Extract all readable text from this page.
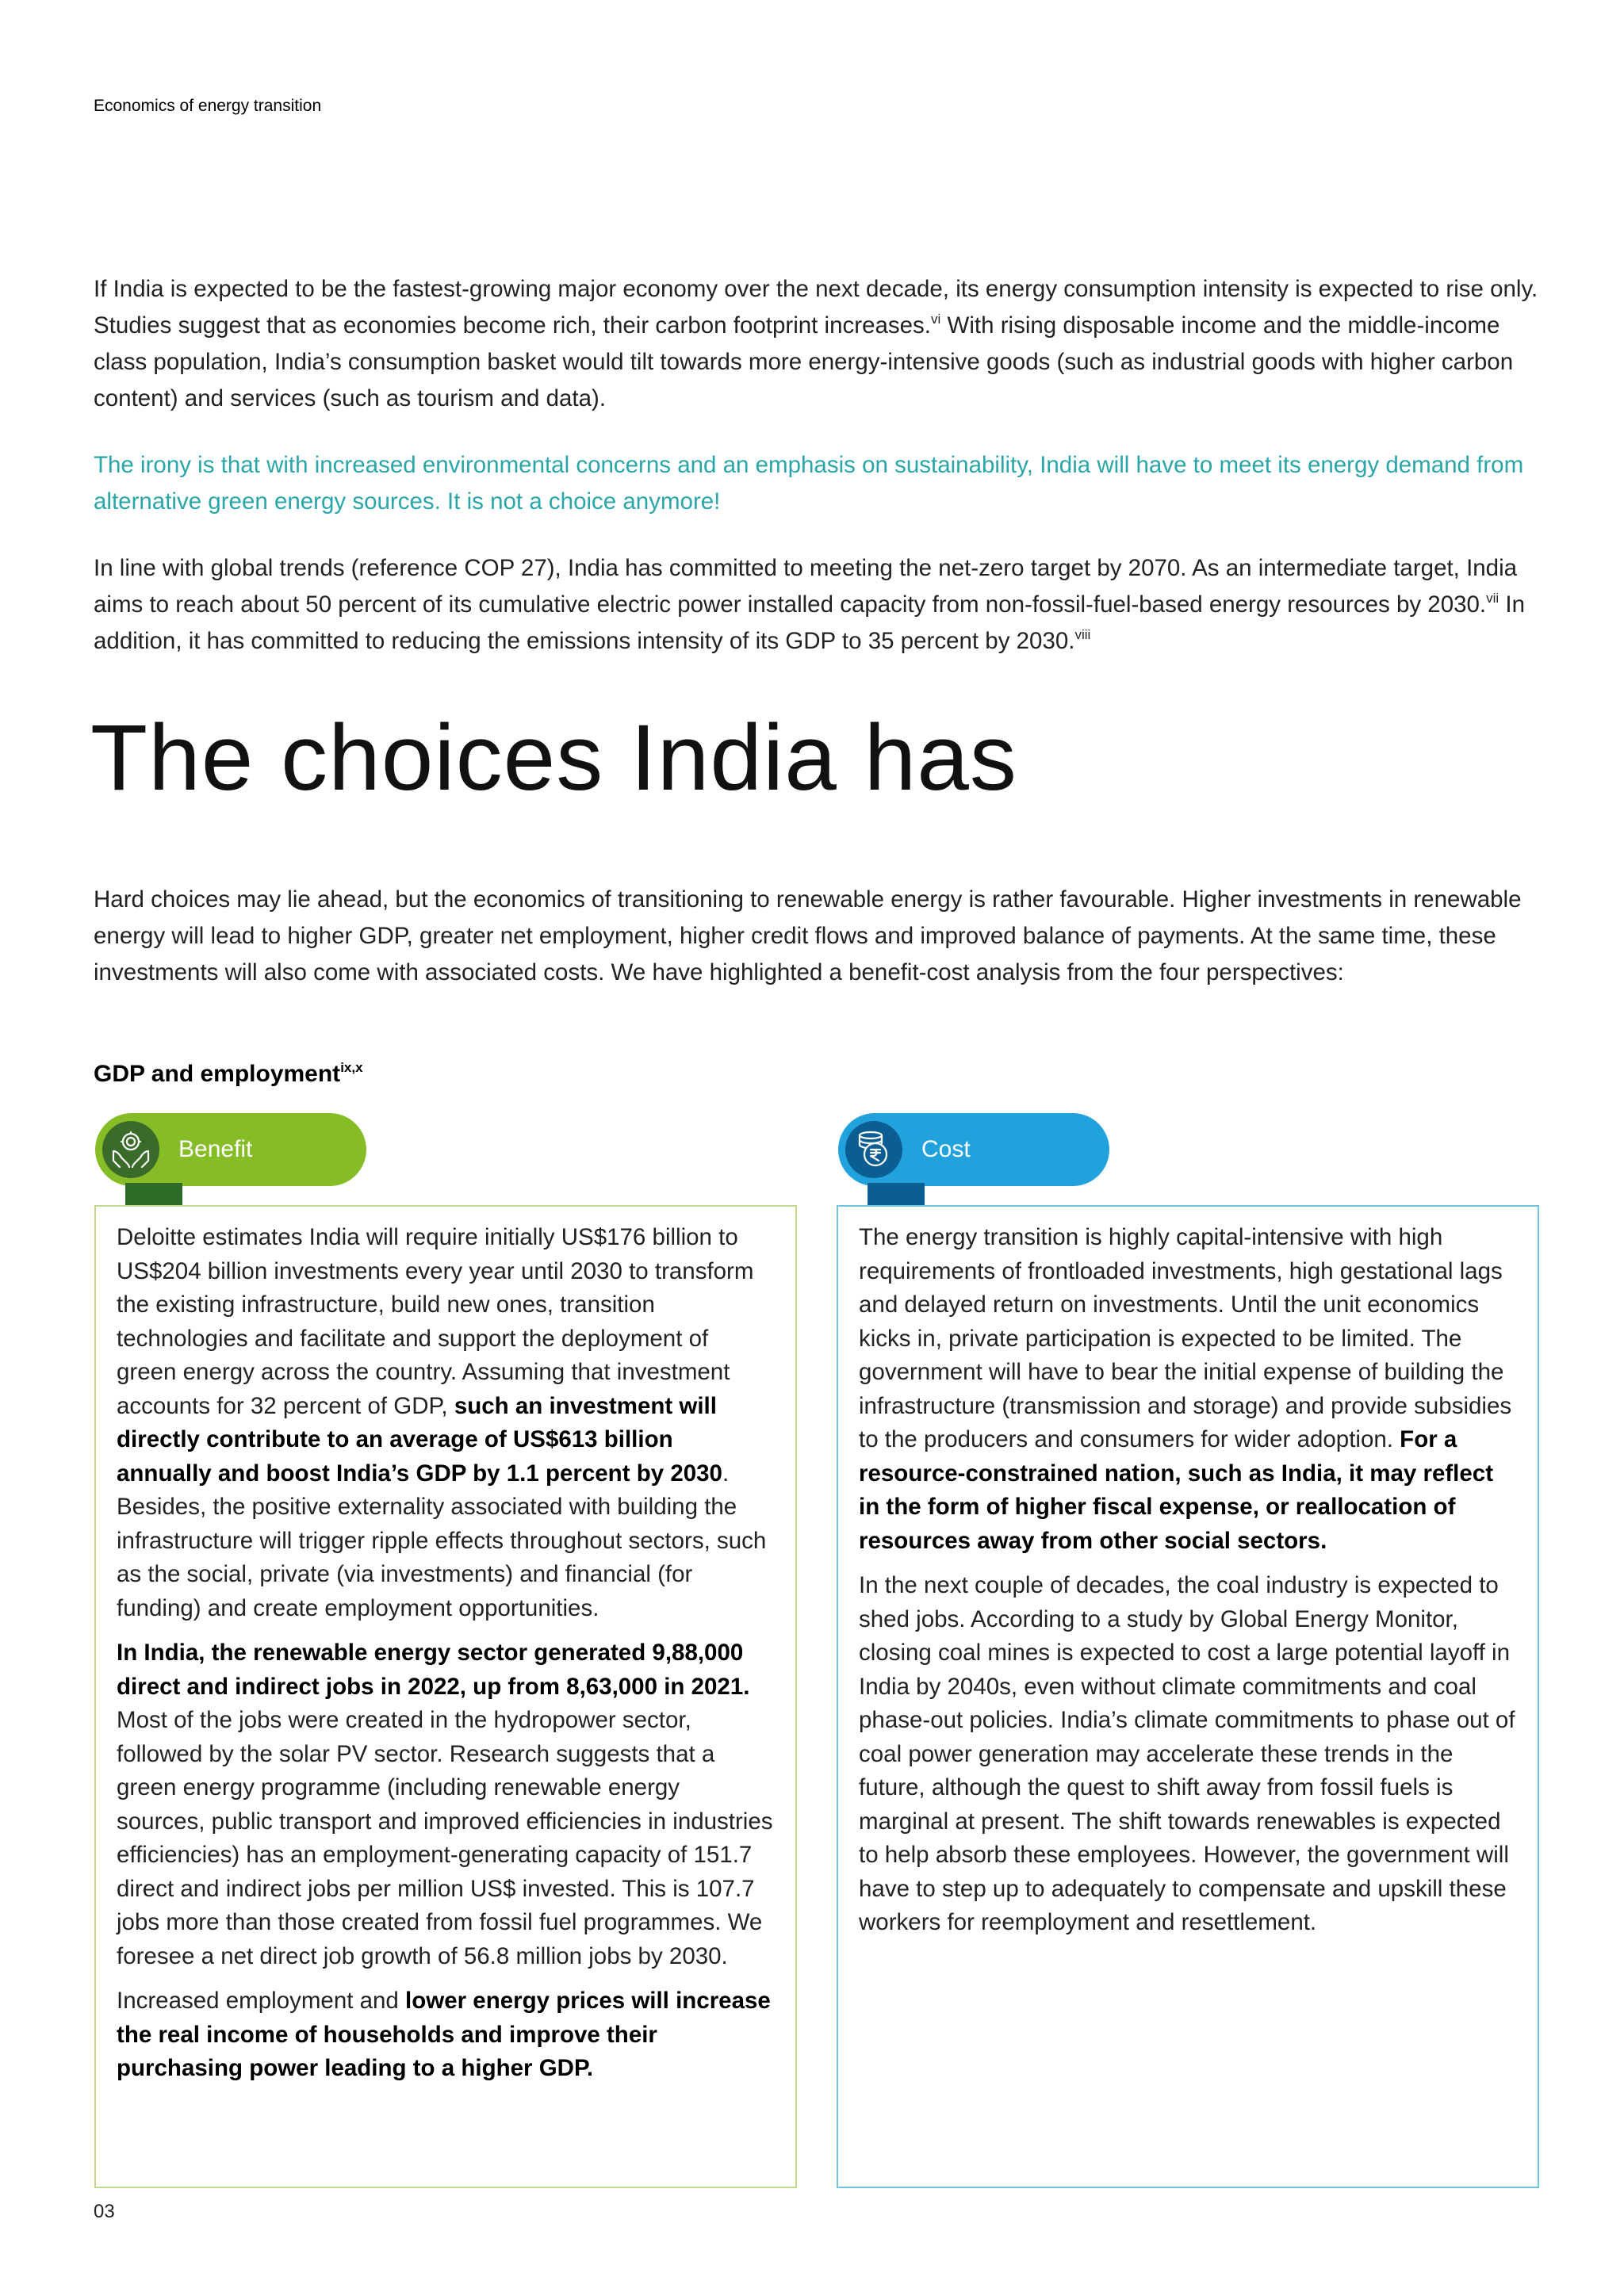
Economics of energy transition

If India is expected to be the fastest-growing major economy over the next decade, its energy consumption intensity is expected to rise only. Studies suggest that as economies become rich, their carbon footprint increases.$^{vi}$ With rising disposable income and the middle-income class population, India’s consumption basket would tilt towards more energy-intensive goods (such as industrial goods with higher carbon content) and services (such as tourism and data).

The irony is that with increased environmental concerns and an emphasis on sustainability, India will have to meet its energy demand from alternative green energy sources. It is not a choice anymore!

In line with global trends (reference COP 27), India has committed to meeting the net-zero target by 2070. As an intermediate target, India aims to reach about 50 percent of its cumulative electric power installed capacity from non-fossil-fuel-based energy resources by 2030.$^{vii}$ In addition, it has committed to reducing the emissions intensity of its GDP to 35 percent by 2030.$^{viii}$

The choices India has

Hard choices may lie ahead, but the economics of transitioning to renewable energy is rather favourable. Higher investments in renewable energy will lead to higher GDP, greater net employment, higher credit flows and improved balance of payments. At the same time, these investments will also come with associated costs. We have highlighted a benefit-cost analysis from the four perspectives:

GDP and employment$^{ix,x}$
Benefit	Cost

Deloitte estimates India will require initially US$176 billion to US$204 billion investments every year until 2030 to transform the existing infrastructure, build new ones, transition technologies and facilitate and support the deployment of green energy across the country. Assuming that investment accounts for 32 percent of GDP, such an investment will directly contribute to an average of US$613 billion annually and boost India’s GDP by 1.1 percent by 2030. Besides, the positive externality associated with building the infrastructure will trigger ripple effects throughout sectors, such as the social, private (via investments) and financial (for funding) and create employment opportunities.

In India, the renewable energy sector generated 9,88,000 direct and indirect jobs in 2022, up from 8,63,000 in 2021. Most of the jobs were created in the hydropower sector, followed by the solar PV sector. Research suggests that a green energy programme (including renewable energy sources, public transport and improved efficiencies in industries efficiencies) has an employment-generating capacity of 151.7 direct and indirect jobs per million US$ invested. This is 107.7 jobs more than those created from fossil fuel programmes. We foresee a net direct job growth of 56.8 million jobs by 2030.

Increased employment and lower energy prices will increase the real income of households and improve their purchasing power leading to a higher GDP.

The energy transition is highly capital-intensive with high requirements of frontloaded investments, high gestational lags and delayed return on investments. Until the unit economics kicks in, private participation is expected to be limited. The government will have to bear the initial expense of building the infrastructure (transmission and storage) and provide subsidies to the producers and consumers for wider adoption. For a resource-constrained nation, such as India, it may reflect in the form of higher fiscal expense, or reallocation of resources away from other social sectors.

In the next couple of decades, the coal industry is expected to shed jobs. According to a study by Global Energy Monitor, closing coal mines is expected to cost a large potential layoff in India by 2040s, even without climate commitments and coal phase-out policies. India’s climate commitments to phase out of coal power generation may accelerate these trends in the future, although the quest to shift away from fossil fuels is marginal at present. The shift towards renewables is expected to help absorb these employees. However, the government will have to step up to adequately to compensate and upskill these workers for reemployment and resettlement.

03
